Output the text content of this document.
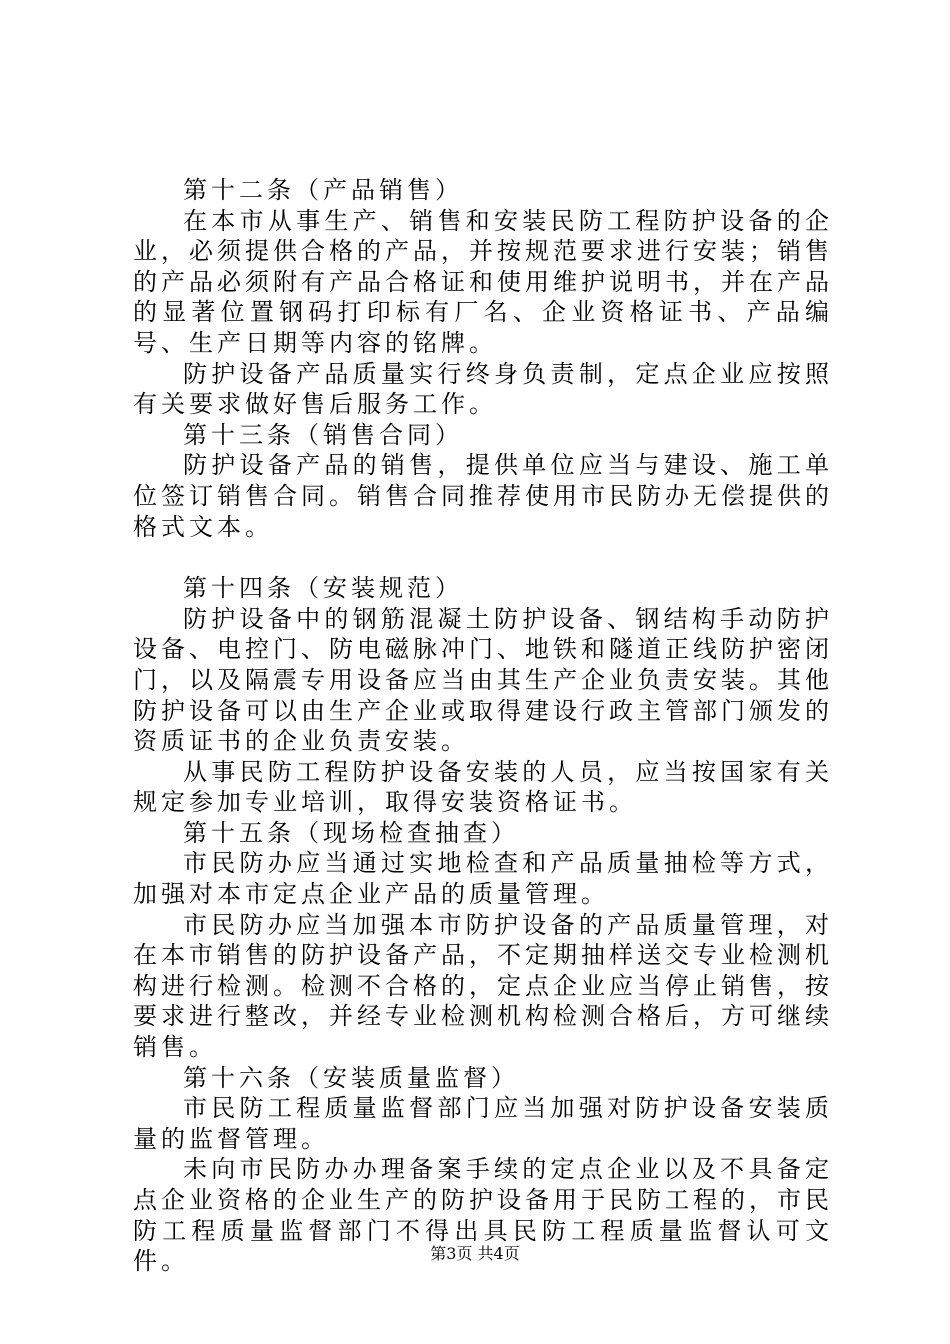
第十二条（产品销售）

在本市从事生产、销售和安装民防工程防护设备的企业，必须提供合格的产品，并按规范要求进行安装；销售的产品必须附有产品合格证和使用维护说明书，并在产品的显著位置钢码打印标有厂名、企业资格证书、产品编号、生产日期等内容的铭牌。

防护设备产品质量实行终身负责制，定点企业应按照有关要求做好售后服务工作。

第十三条（销售合同）

防护设备产品的销售，提供单位应当与建设、施工单位签订销售合同。销售合同推荐使用市民防办无偿提供的格式文本。

第十四条（安装规范）

防护设备中的钢筋混凝土防护设备、钢结构手动防护设备、电控门、防电磁脉冲门、地铁和隧道正线防护密闭门，以及隔震专用设备应当由其生产企业负责安装。其他防护设备可以由生产企业或取得建设行政主管部门颁发的资质证书的企业负责安装。

从事民防工程防护设备安装的人员，应当按国家有关规定参加专业培训，取得安装资格证书。

第十五条（现场检查抽查）

市民防办应当通过实地检查和产品质量抽检等方式，加强对本市定点企业产品的质量管理。

市民防办应当加强本市防护设备的产品质量管理，对在本市销售的防护设备产品，不定期抽样送交专业检测机构进行检测。检测不合格的，定点企业应当停止销售，按要求进行整改，并经专业检测机构检测合格后，方可继续销售。

第十六条（安装质量监督）

市民防工程质量监督部门应当加强对防护设备安装质量的监督管理。

未向市民防办办理备案手续的定点企业以及不具备定点企业资格的企业生产的防护设备用于民防工程的，市民防工程质量监督部门不得出具民防工程质量监督认可文件。	第3页 共4页
